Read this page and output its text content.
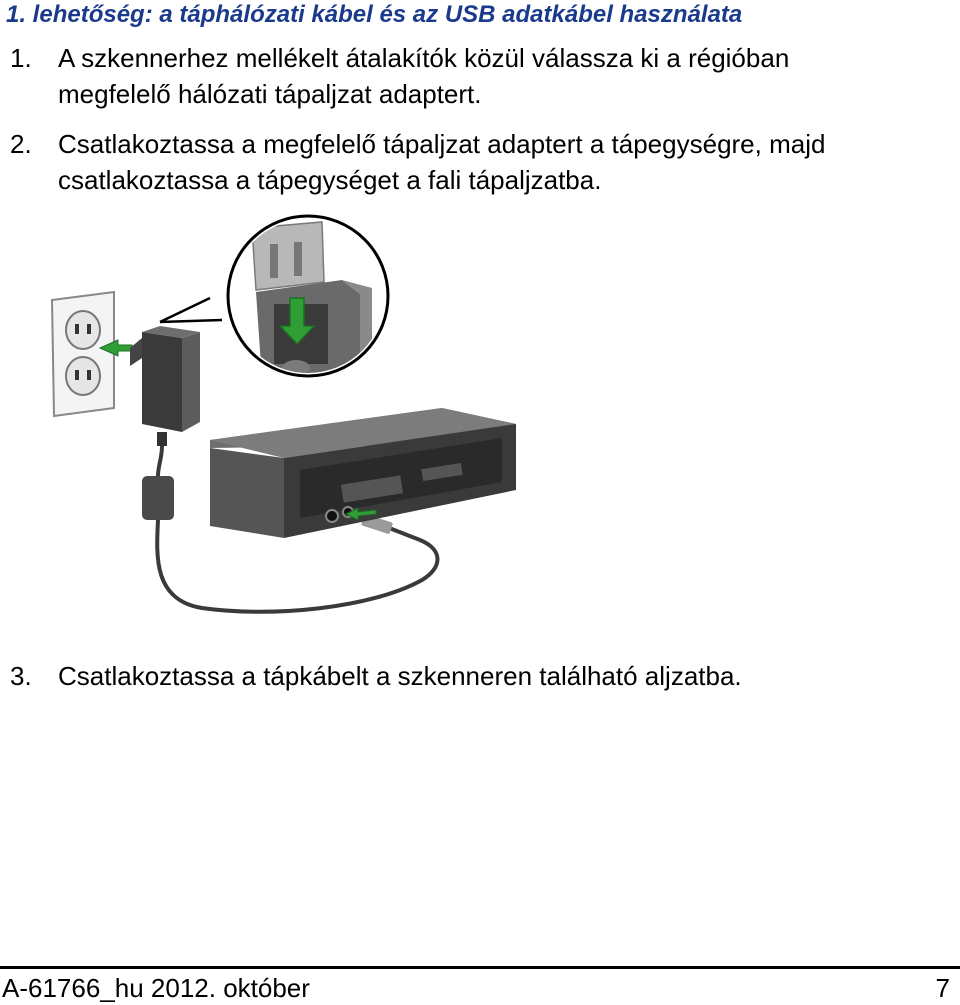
1. lehetőség: a táphálózati kábel és az USB adatkábel használata
1. A szkennerhez mellékelt átalakítók közül válassza ki a régióban
megfelelő hálózati tápaljzat adaptert.
2. Csatlakoztassa a megfelelő tápaljzat adaptert a tápegységre, majd
csatlakoztassa a tápegységet a fali tápaljzatba.
3. Csatlakoztassa a tápkábelt a szkenneren található aljzatba.
A-61766_hu 2012. október	7
